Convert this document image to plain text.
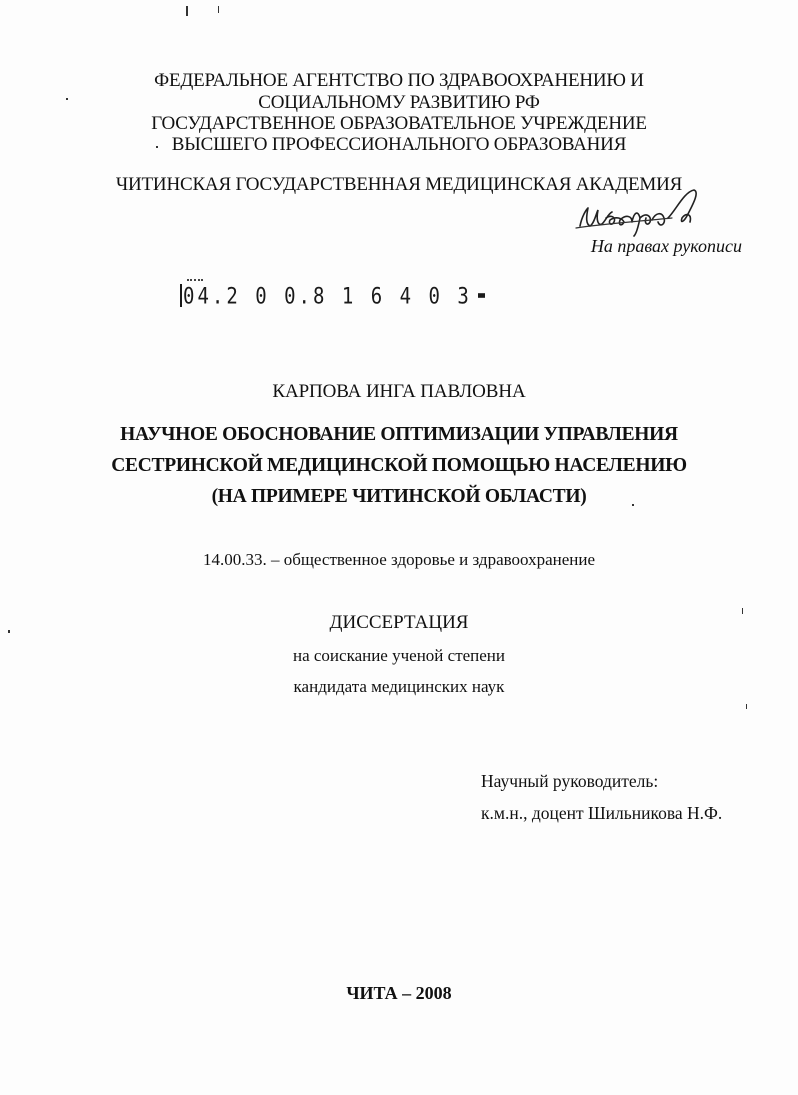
ФЕДЕРАЛЬНОЕ АГЕНТСТВО ПО ЗДРАВООХРАНЕНИЮ И
СОЦИАЛЬНОМУ РАЗВИТИЮ РФ
ГОСУДАРСТВЕННОЕ ОБРАЗОВАТЕЛЬНОЕ УЧРЕЖДЕНИЕ
ВЫСШЕГО ПРОФЕССИОНАЛЬНОГО ОБРАЗОВАНИЯ
ЧИТИНСКАЯ ГОСУДАРСТВЕННАЯ МЕДИЦИНСКАЯ АКАДЕМИЯ
На правах рукописи
04.2 0 0.8 1 6 4 0 3
КАРПОВА ИНГА ПАВЛОВНА
НАУЧНОЕ ОБОСНОВАНИЕ ОПТИМИЗАЦИИ УПРАВЛЕНИЯ
СЕСТРИНСКОЙ МЕДИЦИНСКОЙ ПОМОЩЬЮ НАСЕЛЕНИЮ
(НА ПРИМЕРЕ ЧИТИНСКОЙ ОБЛАСТИ)
14.00.33. – общественное здоровье и здравоохранение
ДИССЕРТАЦИЯ
на соискание ученой степени
кандидата медицинских наук
Научный руководитель:
к.м.н., доцент Шильникова Н.Ф.
ЧИТА – 2008
